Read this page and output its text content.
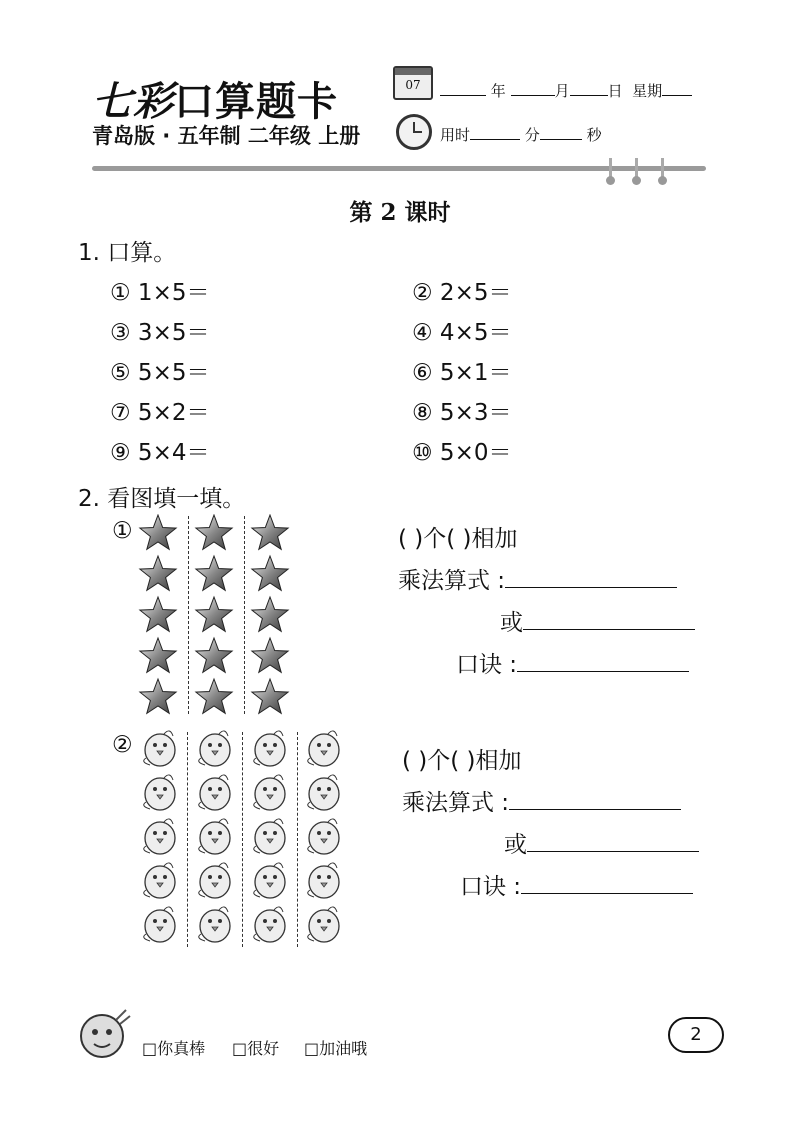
七彩口算题卡
青岛版 · 五年制 二年级 上册
07	年	月	日 星期
用时	分	秒
第 2 课时
1. 口算。
① 1×5＝	② 2×5＝
③ 3×5＝	④ 4×5＝
⑤ 5×5＝	⑥ 5×1＝
⑦ 5×2＝	⑧ 5×3＝
⑨ 5×4＝	⑩ 5×0＝
2. 看图填一填。
①	( )个( )相加
乘法算式 :
或
口诀 :
②
( )个( )相加
乘法算式 :
或
口诀 :
□你真棒 □很好 □加油哦
2
